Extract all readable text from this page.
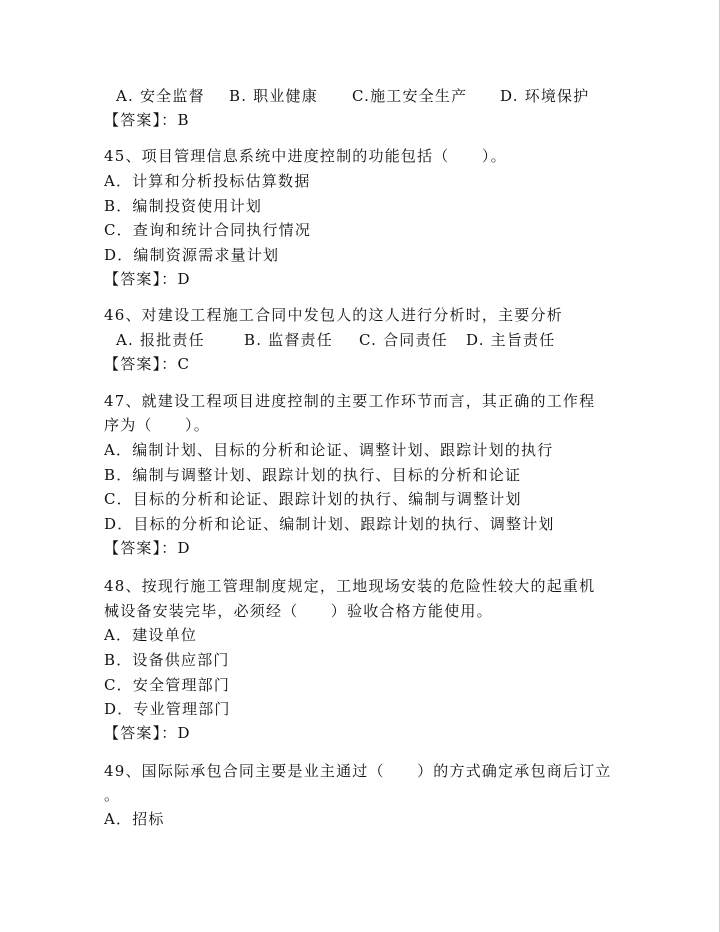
A. 安全监督 B. 职业健康 C.施工安全生产 D. 环境保护
【答案】：B
45、项目管理信息系统中进度控制的功能包括（　　）。
A．计算和分析投标估算数据
B．编制投资使用计划
C．查询和统计合同执行情况
D．编制资源需求量计划
【答案】：D
46、对建设工程施工合同中发包人的这人进行分析时，主要分析
A. 报批责任	B. 监督责任 C. 合同责任 D. 主旨责任
【答案】：C
47、就建设工程项目进度控制的主要工作环节而言，其正确的工作程
序为（　　）。
A．编制计划、目标的分析和论证、调整计划、跟踪计划的执行
B．编制与调整计划、跟踪计划的执行、目标的分析和论证
C．目标的分析和论证、跟踪计划的执行、编制与调整计划
D．目标的分析和论证、编制计划、跟踪计划的执行、调整计划
【答案】：D
48、按现行施工管理制度规定，工地现场安装的危险性较大的起重机
械设备安装完毕，必须经（　　）验收合格方能使用。
A．建设单位
B．设备供应部门
C．安全管理部门
D．专业管理部门
【答案】：D
49、国际际承包合同主要是业主通过（　　）的方式确定承包商后订立
。
A．招标
